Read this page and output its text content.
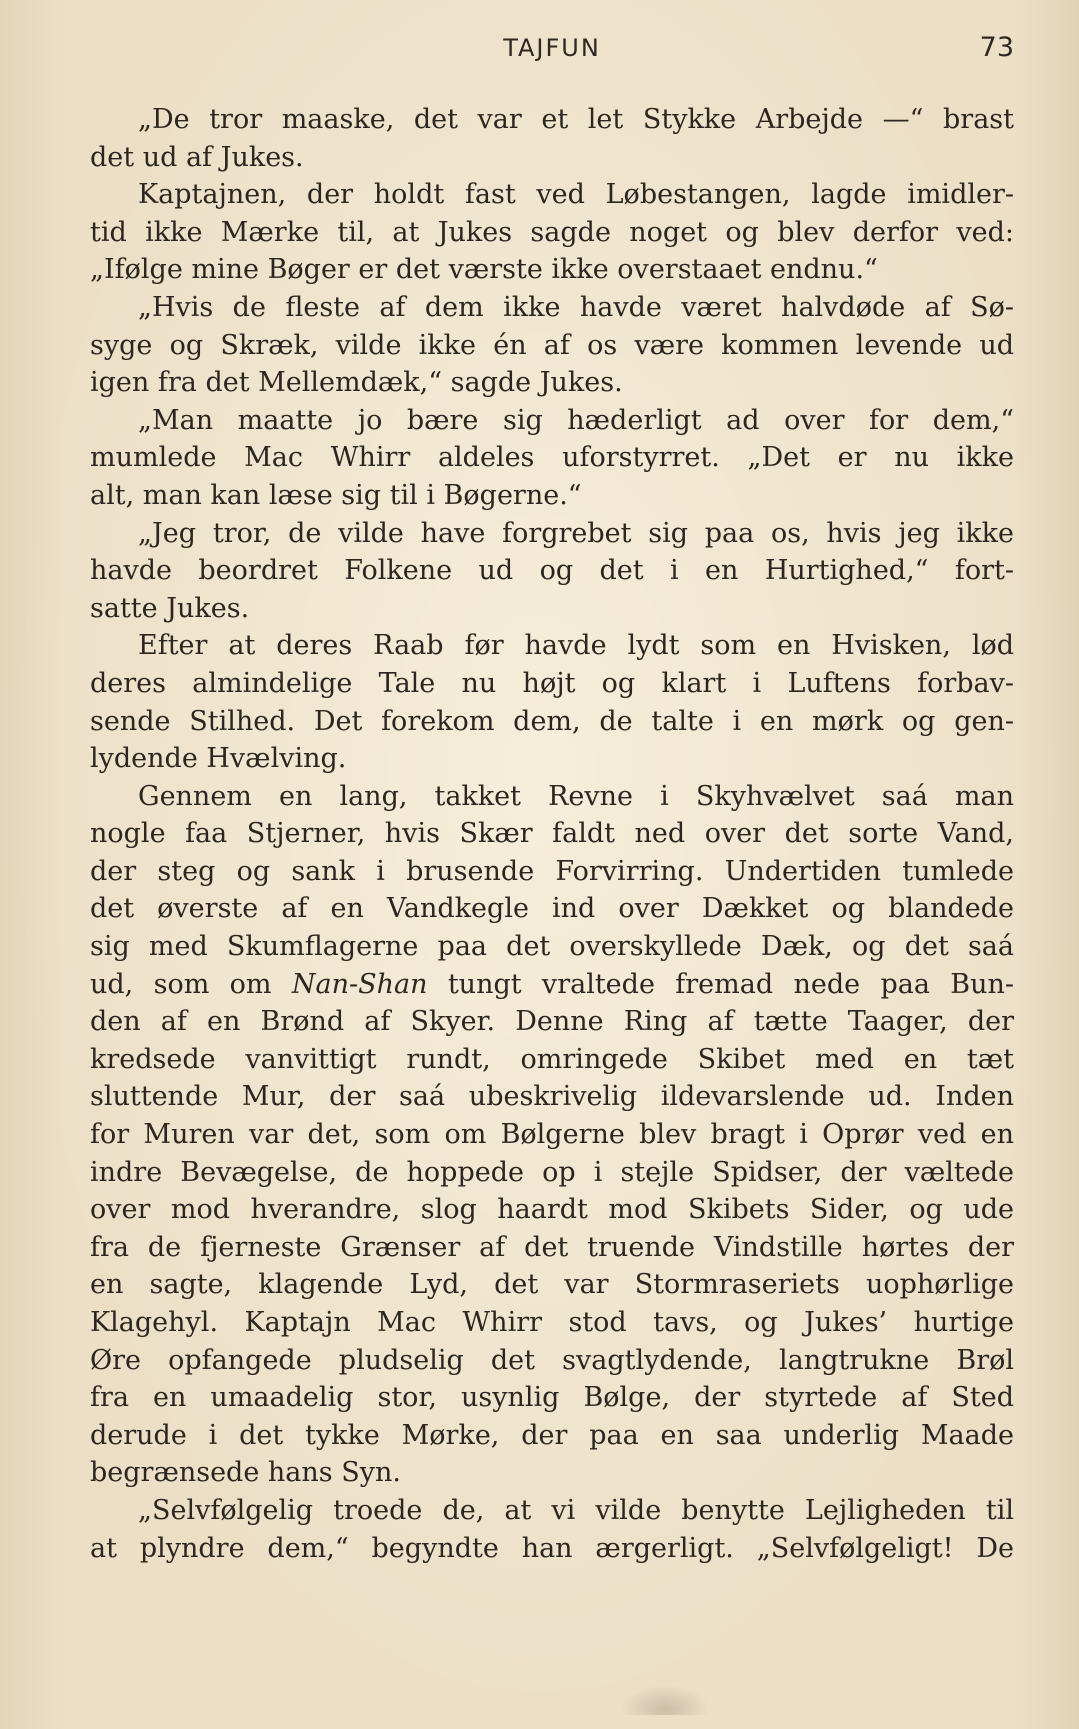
TAJFUN	73
„De tror maaske, det var et let Stykke Arbejde —“ brast
det ud af Jukes.
Kaptajnen, der holdt fast ved Løbestangen, lagde imidler-
tid ikke Mærke til, at Jukes sagde noget og blev derfor ved:
„Ifølge mine Bøger er det værste ikke overstaaet endnu.“
„Hvis de fleste af dem ikke havde været halvdøde af Sø-
syge og Skræk, vilde ikke én af os være kommen levende ud
igen fra det Mellemdæk,“ sagde Jukes.
„Man maatte jo bære sig hæderligt ad over for dem,“
mumlede Mac Whirr aldeles uforstyrret. „Det er nu ikke
alt, man kan læse sig til i Bøgerne.“
„Jeg tror, de vilde have forgrebet sig paa os, hvis jeg ikke
havde beordret Folkene ud og det i en Hurtighed,“ fort-
satte Jukes.
Efter at deres Raab før havde lydt som en Hvisken, lød
deres almindelige Tale nu højt og klart i Luftens forbav-
sende Stilhed. Det forekom dem, de talte i en mørk og gen-
lydende Hvælving.
Gennem en lang, takket Revne i Skyhvælvet saá man
nogle faa Stjerner, hvis Skær faldt ned over det sorte Vand,
der steg og sank i brusende Forvirring. Undertiden tumlede
det øverste af en Vandkegle ind over Dækket og blandede
sig med Skumflagerne paa det overskyllede Dæk, og det saá
ud, som om Nan-Shan tungt vraltede fremad nede paa Bun-
den af en Brønd af Skyer. Denne Ring af tætte Taager, der
kredsede vanvittigt rundt, omringede Skibet med en tæt
sluttende Mur, der saá ubeskrivelig ildevarslende ud. Inden
for Muren var det, som om Bølgerne blev bragt i Oprør ved en
indre Bevægelse, de hoppede op i stejle Spidser, der væltede
over mod hverandre, slog haardt mod Skibets Sider, og ude
fra de fjerneste Grænser af det truende Vindstille hørtes der
en sagte, klagende Lyd, det var Stormraseriets uophørlige
Klagehyl. Kaptajn Mac Whirr stod tavs, og Jukes’ hurtige
Øre opfangede pludselig det svagtlydende, langtrukne Brøl
fra en umaadelig stor, usynlig Bølge, der styrtede af Sted
derude i det tykke Mørke, der paa en saa underlig Maade
begrænsede hans Syn.
„Selvfølgelig troede de, at vi vilde benytte Lejligheden til
at plyndre dem,“ begyndte han ærgerligt. „Selvfølgeligt! De
